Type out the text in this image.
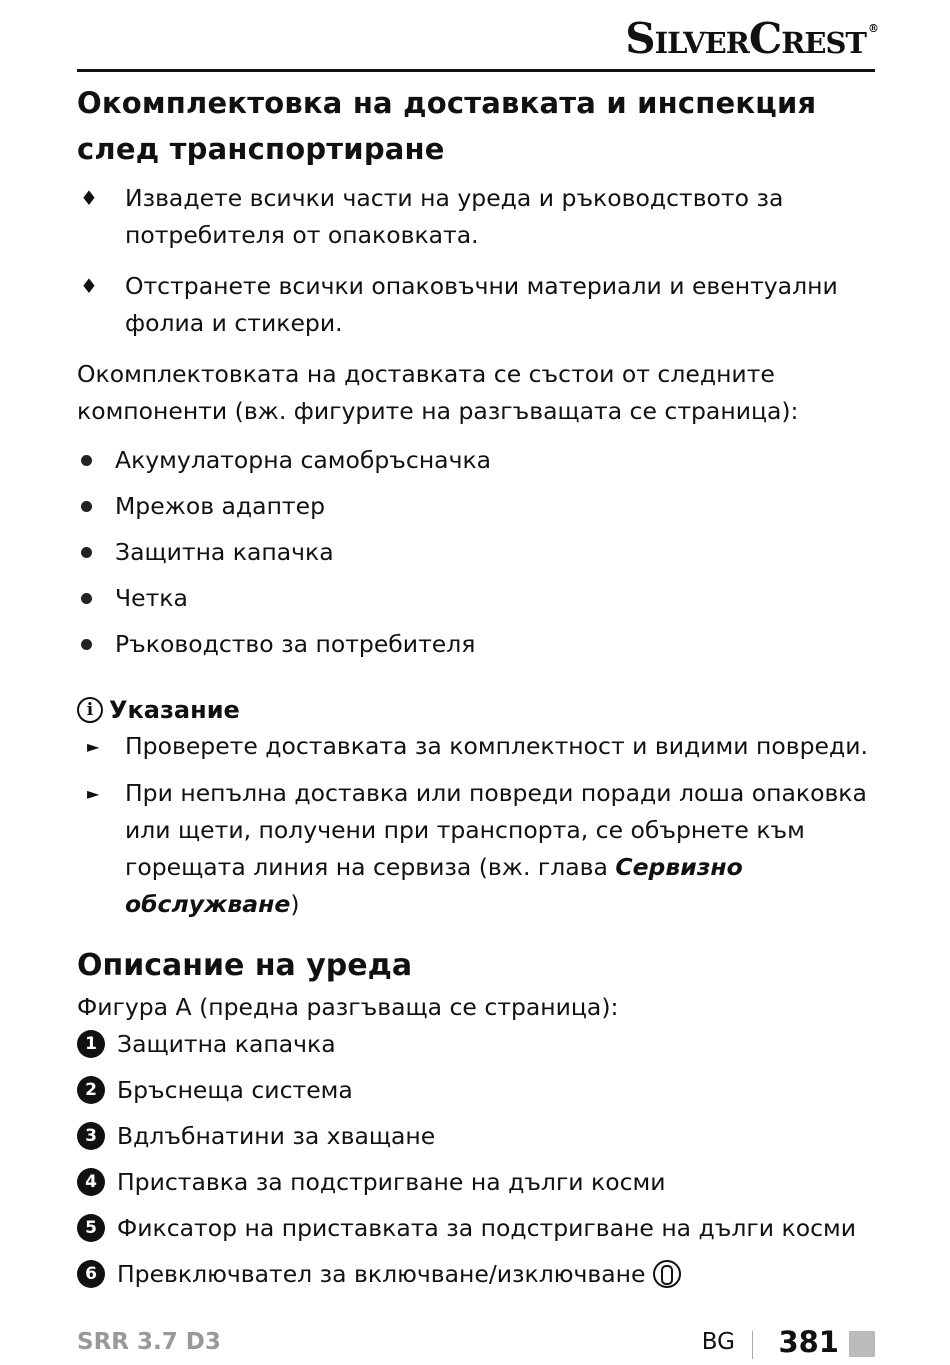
SilverCrest ®
Окомплектовка на доставката и инспекция след транспортиране
♦ Извадете всички части на уреда и ръководството за потребителя от опаковката.
♦ Отстранете всички опаковъчни материали и евентуални фолиа и стикери.

Окомплектовката на доставката се състои от следните компоненти (вж. фигурите на разгъващата се страница):

Акумулаторна самобръсначка
Мрежов адаптер
Защитна капачка
Четка
Ръководство за потребителя
i Указание
► Проверете доставката за комплектност и видими повреди.
► При непълна доставка или повреди поради лоша опаковка или щети, получени при транспорта, се обърнете към горещата линия на сервиза (вж. глава Сервизно обслужване)
Описание на уреда

Фигура А (предна разгъваща се страница):

1 Защитна капачка
2 Бръснеща система
3 Вдлъбнатини за хващане
4 Приставка за подстригване на дълги косми
5 Фиксатор на приставката за подстригване на дълги косми
6 Превключвател за включване/изключване
SRR 3.7 D3	BG 381
